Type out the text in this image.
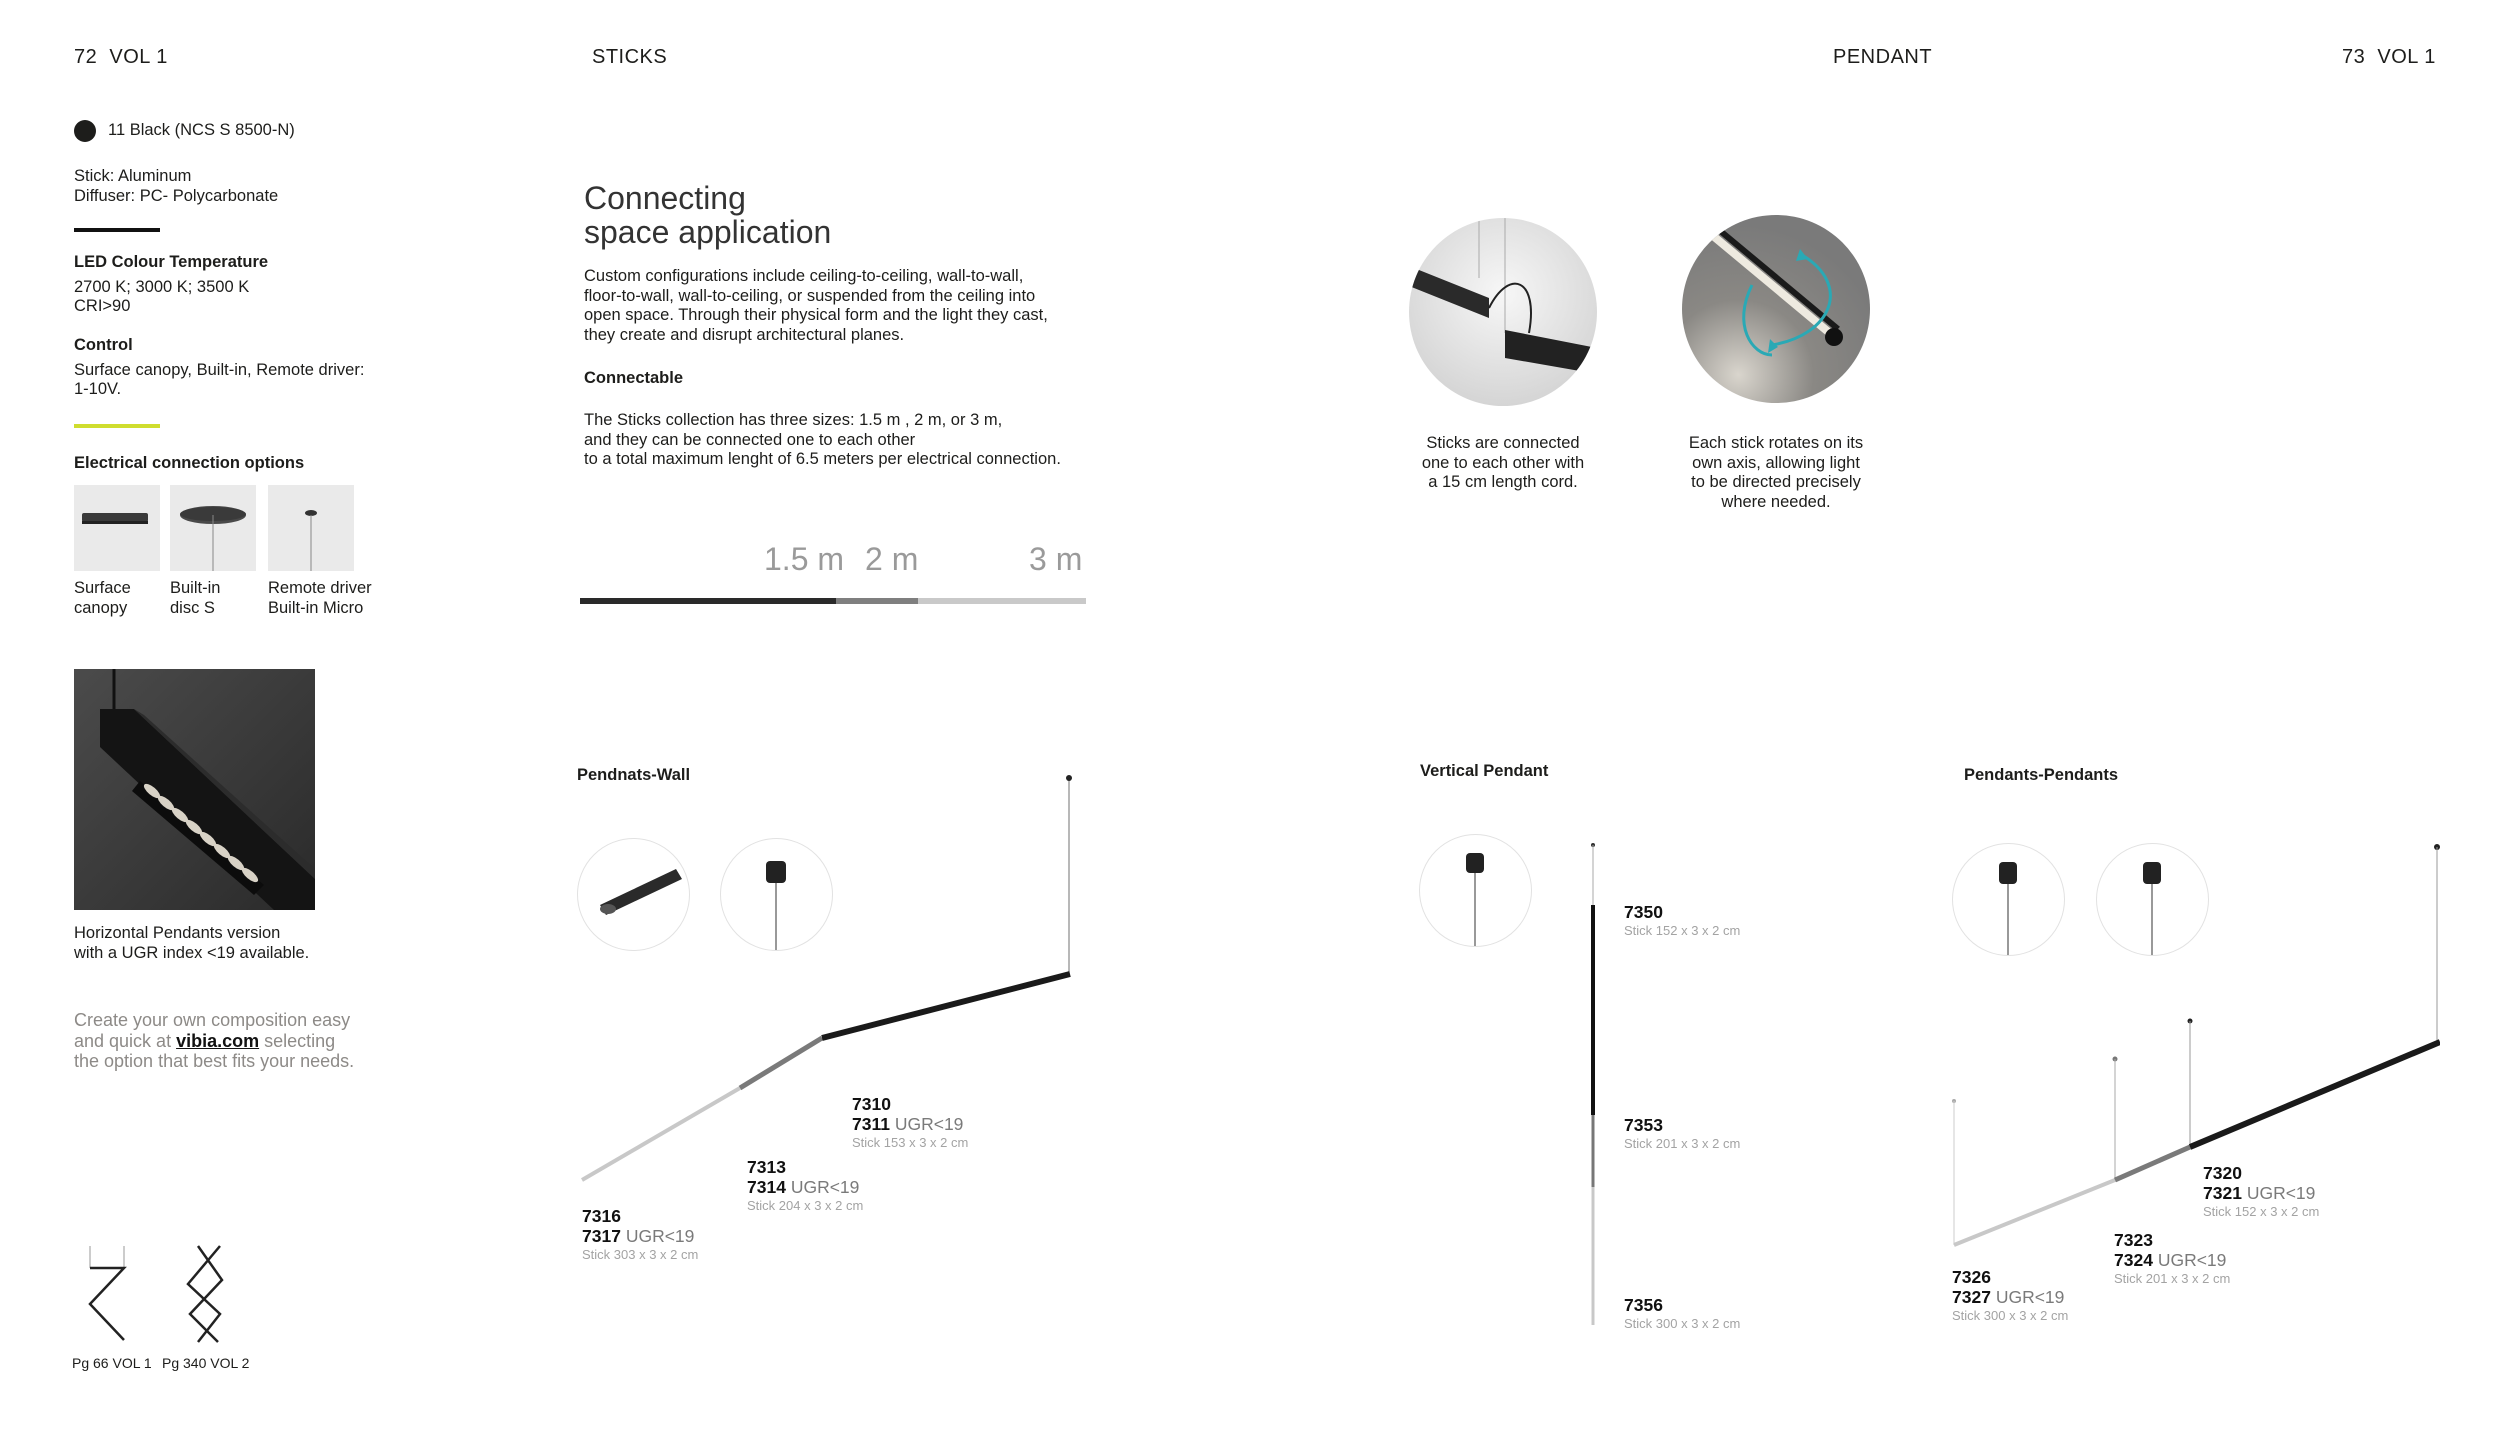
72 VOL 1	STICKS	PENDANT	73 VOL 1
11 Black (NCS S 8500-N)
Stick: Aluminum
Diffuser: PC- Polycarbonate
LED Colour Temperature
2700 K; 3000 K; 3500 K
CRI>90
Control
Surface canopy, Built-in, Remote driver:
1-10V.
Electrical connection options
Surface
canopy
Built-in
disc S
Remote driver
Built-in Micro
Horizontal Pendants version
with a UGR index <19 available.
Create your own composition easy
and quick at vibia.com selecting
the option that best fits your needs.
Pg 66 VOL 1 Pg 340 VOL 2
Connecting
space application
Custom configurations include ceiling-to-ceiling, wall-to-wall,
floor-to-wall, wall-to-ceiling, or suspended from the ceiling into
open space. Through their physical form and the light they cast,
they create and disrupt architectural planes.
Connectable
The Sticks collection has three sizes: 1.5 m , 2 m, or 3 m,
and they can be connected one to each other
to a total maximum lenght of 6.5 meters per electrical connection.
1.5 m 2 m	3 m
Pendnats-Wall
7310
7311 UGR<19
Stick 153 x 3 x 2 cm
7313
7314 UGR<19
Stick 204 x 3 x 2 cm
7316
7317 UGR<19
Stick 303 x 3 x 2 cm
Sticks are connected
one to each other with
a 15 cm length cord.
Each stick rotates on its
own axis, allowing light
to be directed precisely
where needed.
Vertical Pendant
7350
Stick 152 x 3 x 2 cm
7353
Stick 201 x 3 x 2 cm
7356
Stick 300 x 3 x 2 cm
Pendants-Pendants
7320
7321 UGR<19
Stick 152 x 3 x 2 cm
7323
7324 UGR<19
Stick 201 x 3 x 2 cm
7326
7327 UGR<19
Stick 300 x 3 x 2 cm
